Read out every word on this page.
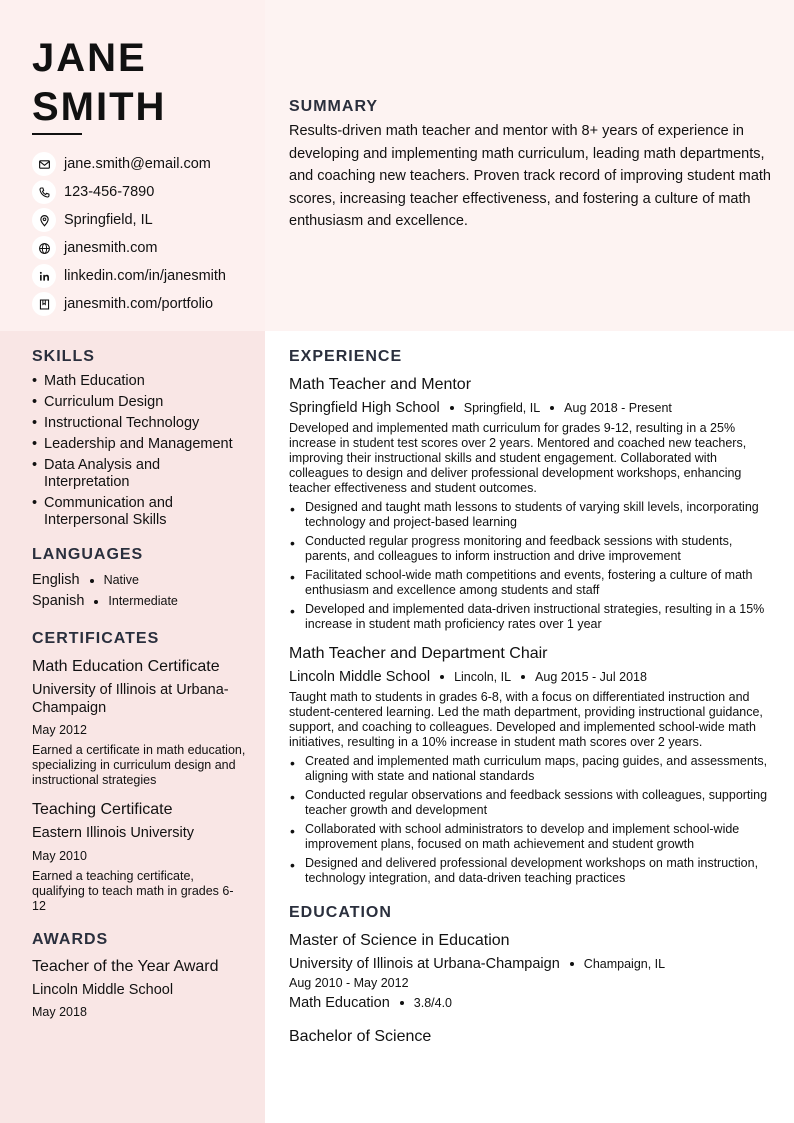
JANE SMITH
jane.smith@email.com
123-456-7890
Springfield, IL
janesmith.com
linkedin.com/in/janesmith
janesmith.com/portfolio
SUMMARY

Results-driven math teacher and mentor with 8+ years of experience in developing and implementing math curriculum, leading math departments, and coaching new teachers. Proven track record of improving student math scores, increasing teacher effectiveness, and fostering a culture of math enthusiasm and excellence.

SKILLS
• Math Education
• Curriculum Design
• Instructional Technology
• Leadership and Management
• Data Analysis and Interpretation
• Communication and Interpersonal Skills
LANGUAGES
English Native
Spanish Intermediate
CERTIFICATES
Math Education Certificate
University of Illinois at Urbana-Champaign
May 2012
Earned a certificate in math education, specializing in curriculum design and instructional strategies
Teaching Certificate
Eastern Illinois University
May 2010
Earned a teaching certificate, qualifying to teach math in grades 6-12
AWARDS
Teacher of the Year Award
Lincoln Middle School
May 2018
EXPERIENCE
Math Teacher and Mentor
Springfield High School Springfield, IL Aug 2018 - Present
Developed and implemented math curriculum for grades 9-12, resulting in a 25% increase in student test scores over 2 years. Mentored and coached new teachers, improving their instructional skills and student engagement. Collaborated with colleagues to design and deliver professional development workshops, enhancing teacher effectiveness and student outcomes.
• Designed and taught math lessons to students of varying skill levels, incorporating technology and project-based learning
• Conducted regular progress monitoring and feedback sessions with students, parents, and colleagues to inform instruction and drive improvement
• Facilitated school-wide math competitions and events, fostering a culture of math enthusiasm and excellence among students and staff
• Developed and implemented data-driven instructional strategies, resulting in a 15% increase in student math proficiency rates over 1 year
Math Teacher and Department Chair
Lincoln Middle School Lincoln, IL Aug 2015 - Jul 2018
Taught math to students in grades 6-8, with a focus on differentiated instruction and student-centered learning. Led the math department, providing instructional guidance, support, and coaching to colleagues. Developed and implemented school-wide math initiatives, resulting in a 10% increase in student math scores over 2 years.
• Created and implemented math curriculum maps, pacing guides, and assessments, aligning with state and national standards
• Conducted regular observations and feedback sessions with colleagues, supporting teacher growth and development
• Collaborated with school administrators to develop and implement school-wide improvement plans, focused on math achievement and student growth
• Designed and delivered professional development workshops on math instruction, technology integration, and data-driven teaching practices
EDUCATION
Master of Science in Education
University of Illinois at Urbana-Champaign Champaign, IL
Aug 2010 - May 2012
Math Education 3.8/4.0
Bachelor of Science
